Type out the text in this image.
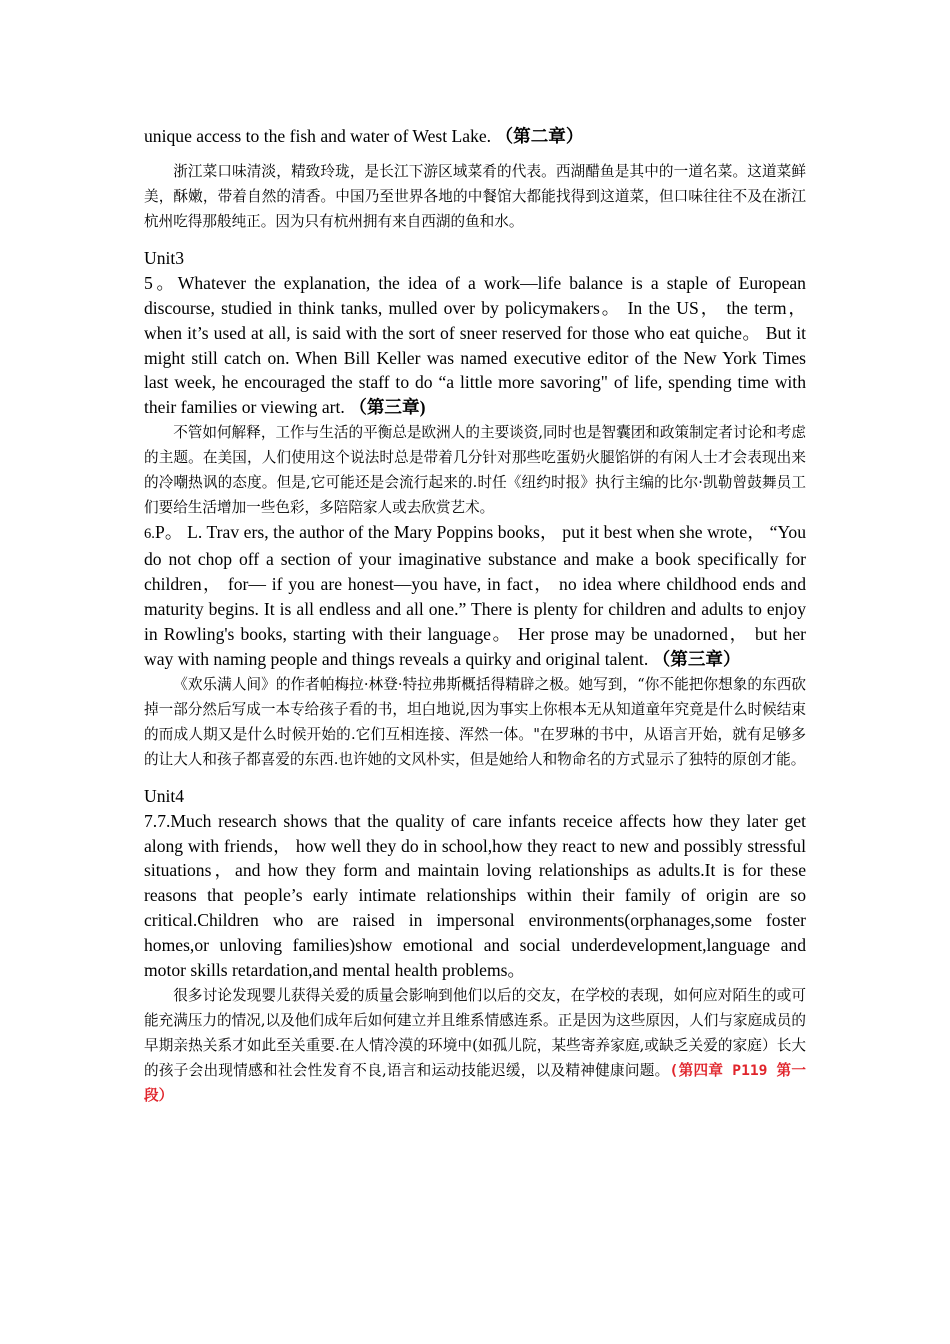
unique access to the fish and water of West Lake. （第二章）

浙江菜口味清淡，精致玲珑，是长江下游区域菜肴的代表。西湖醋鱼是其中的一道名菜。这道菜鲜美，酥嫩，带着自然的清香。中国乃至世界各地的中餐馆大都能找得到这道菜，但口味往往不及在浙江杭州吃得那般纯正。因为只有杭州拥有来自西湖的鱼和水。

Unit3

5。Whatever the explanation, the idea of a work—life balance is a staple of European discourse, studied in think tanks, mulled over by policymakers。 In the US， the term， when it’s used at all, is said with the sort of sneer reserved for those who eat quiche。 But it might still catch on. When Bill Keller was named executive editor of the New York Times last week, he encouraged the staff to do “a little more savoring" of life, spending time with their families or viewing art. （第三章)

不管如何解释，工作与生活的平衡总是欧洲人的主要谈资,同时也是智囊团和政策制定者讨论和考虑的主题。在美国，人们使用这个说法时总是带着几分针对那些吃蛋奶火腿馅饼的有闲人士才会表现出来的冷嘲热讽的态度。但是,它可能还是会流行起来的.时任《纽约时报》执行主编的比尔·凯勒曾鼓舞员工们要给生活增加一些色彩，多陪陪家人或去欣赏艺术。

6.P。 L. Trav ers, the author of the Mary Poppins books， put it best when she wrote， “You do not chop off a section of your imaginative substance and make a book specifically for children， for— if you are honest—you have, in fact， no idea where childhood ends and maturity begins. It is all endless and all one.” There is plenty for children and adults to enjoy in Rowling's books, starting with their language。 Her prose may be unadorned， but her way with naming people and things reveals a quirky and original talent. （第三章）

《欢乐满人间》的作者帕梅拉·林登·特拉弗斯概括得精辟之极。她写到，“你不能把你想象的东西砍掉一部分然后写成一本专给孩子看的书，坦白地说,因为事实上你根本无从知道童年究竟是什么时候结束的而成人期又是什么时候开始的.它们互相连接、浑然一体。"在罗琳的书中，从语言开始，就有足够多的让大人和孩子都喜爱的东西.也许她的文风朴实，但是她给人和物命名的方式显示了独特的原创才能。

Unit4

7.7.Much research shows that the quality of care infants receice affects how they later get along with friends， how well they do in school,how they react to new and possibly stressful situations，and how they form and maintain loving relationships as adults.It is for these reasons that people’s early intimate relationships within their family of origin are so critical.Children who are raised in impersonal environments(orphanages,some foster homes,or unloving families)show emotional and social underdevelopment,language and motor skills retardation,and mental health problems。

很多讨论发现婴儿获得关爱的质量会影响到他们以后的交友，在学校的表现，如何应对陌生的或可能充满压力的情况,以及他们成年后如何建立并且维系情感连系。正是因为这些原因，人们与家庭成员的早期亲热关系才如此至关重要.在人情冷漠的环境中(如孤儿院，某些寄养家庭,或缺乏关爱的家庭）长大的孩子会出现情感和社会性发育不良,语言和运动技能迟缓，以及精神健康问题。(第四章 P119 第一段）
